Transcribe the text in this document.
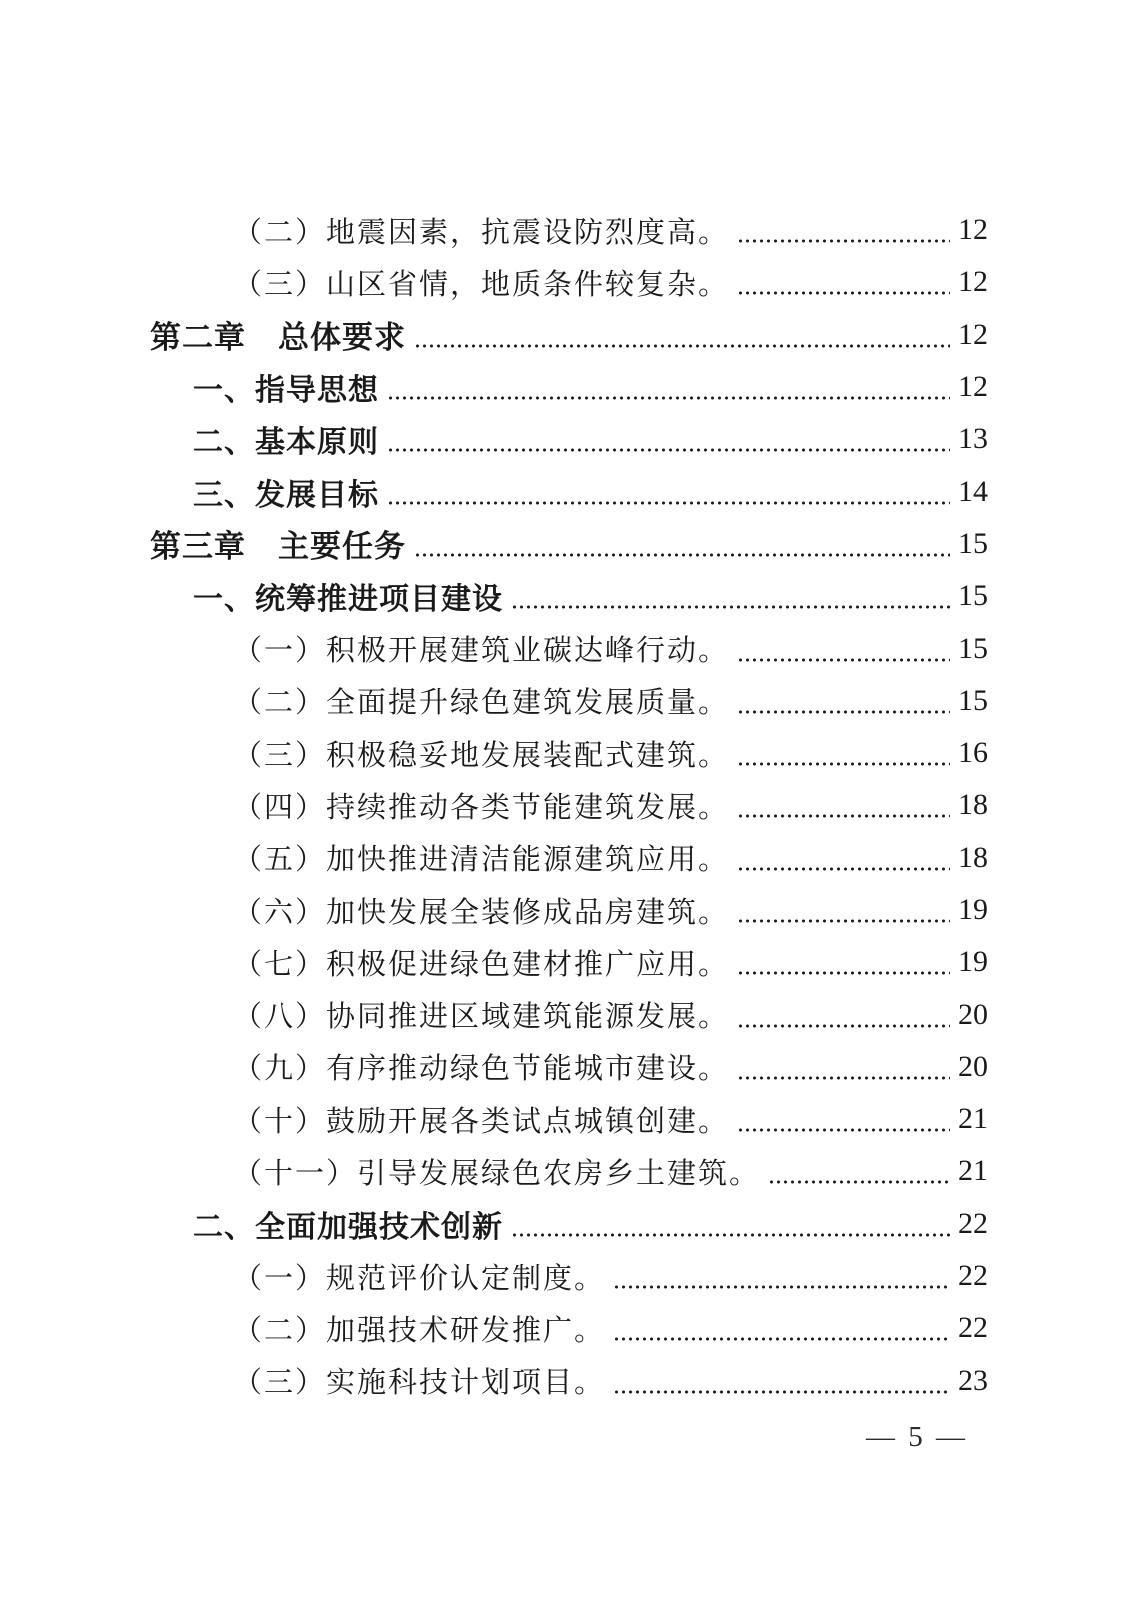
（二）地震因素，抗震设防烈度高。	12
（三）山区省情，地质条件较复杂。	12
第二章　总体要求	12
一、指导思想	12
二、基本原则	13
三、发展目标	14
第三章　主要任务	15
一、统筹推进项目建设	15
（一）积极开展建筑业碳达峰行动。	15
（二）全面提升绿色建筑发展质量。	15
（三）积极稳妥地发展装配式建筑。	16
（四）持续推动各类节能建筑发展。	18
（五）加快推进清洁能源建筑应用。	18
（六）加快发展全装修成品房建筑。	19
（七）积极促进绿色建材推广应用。	19
（八）协同推进区域建筑能源发展。	20
（九）有序推动绿色节能城市建设。	20
（十）鼓励开展各类试点城镇创建。	21
（十一）引导发展绿色农房乡土建筑。	21
二、全面加强技术创新	22
（一）规范评价认定制度。	22
（二）加强技术研发推广。	22
（三）实施科技计划项目。	23
— 5 —
